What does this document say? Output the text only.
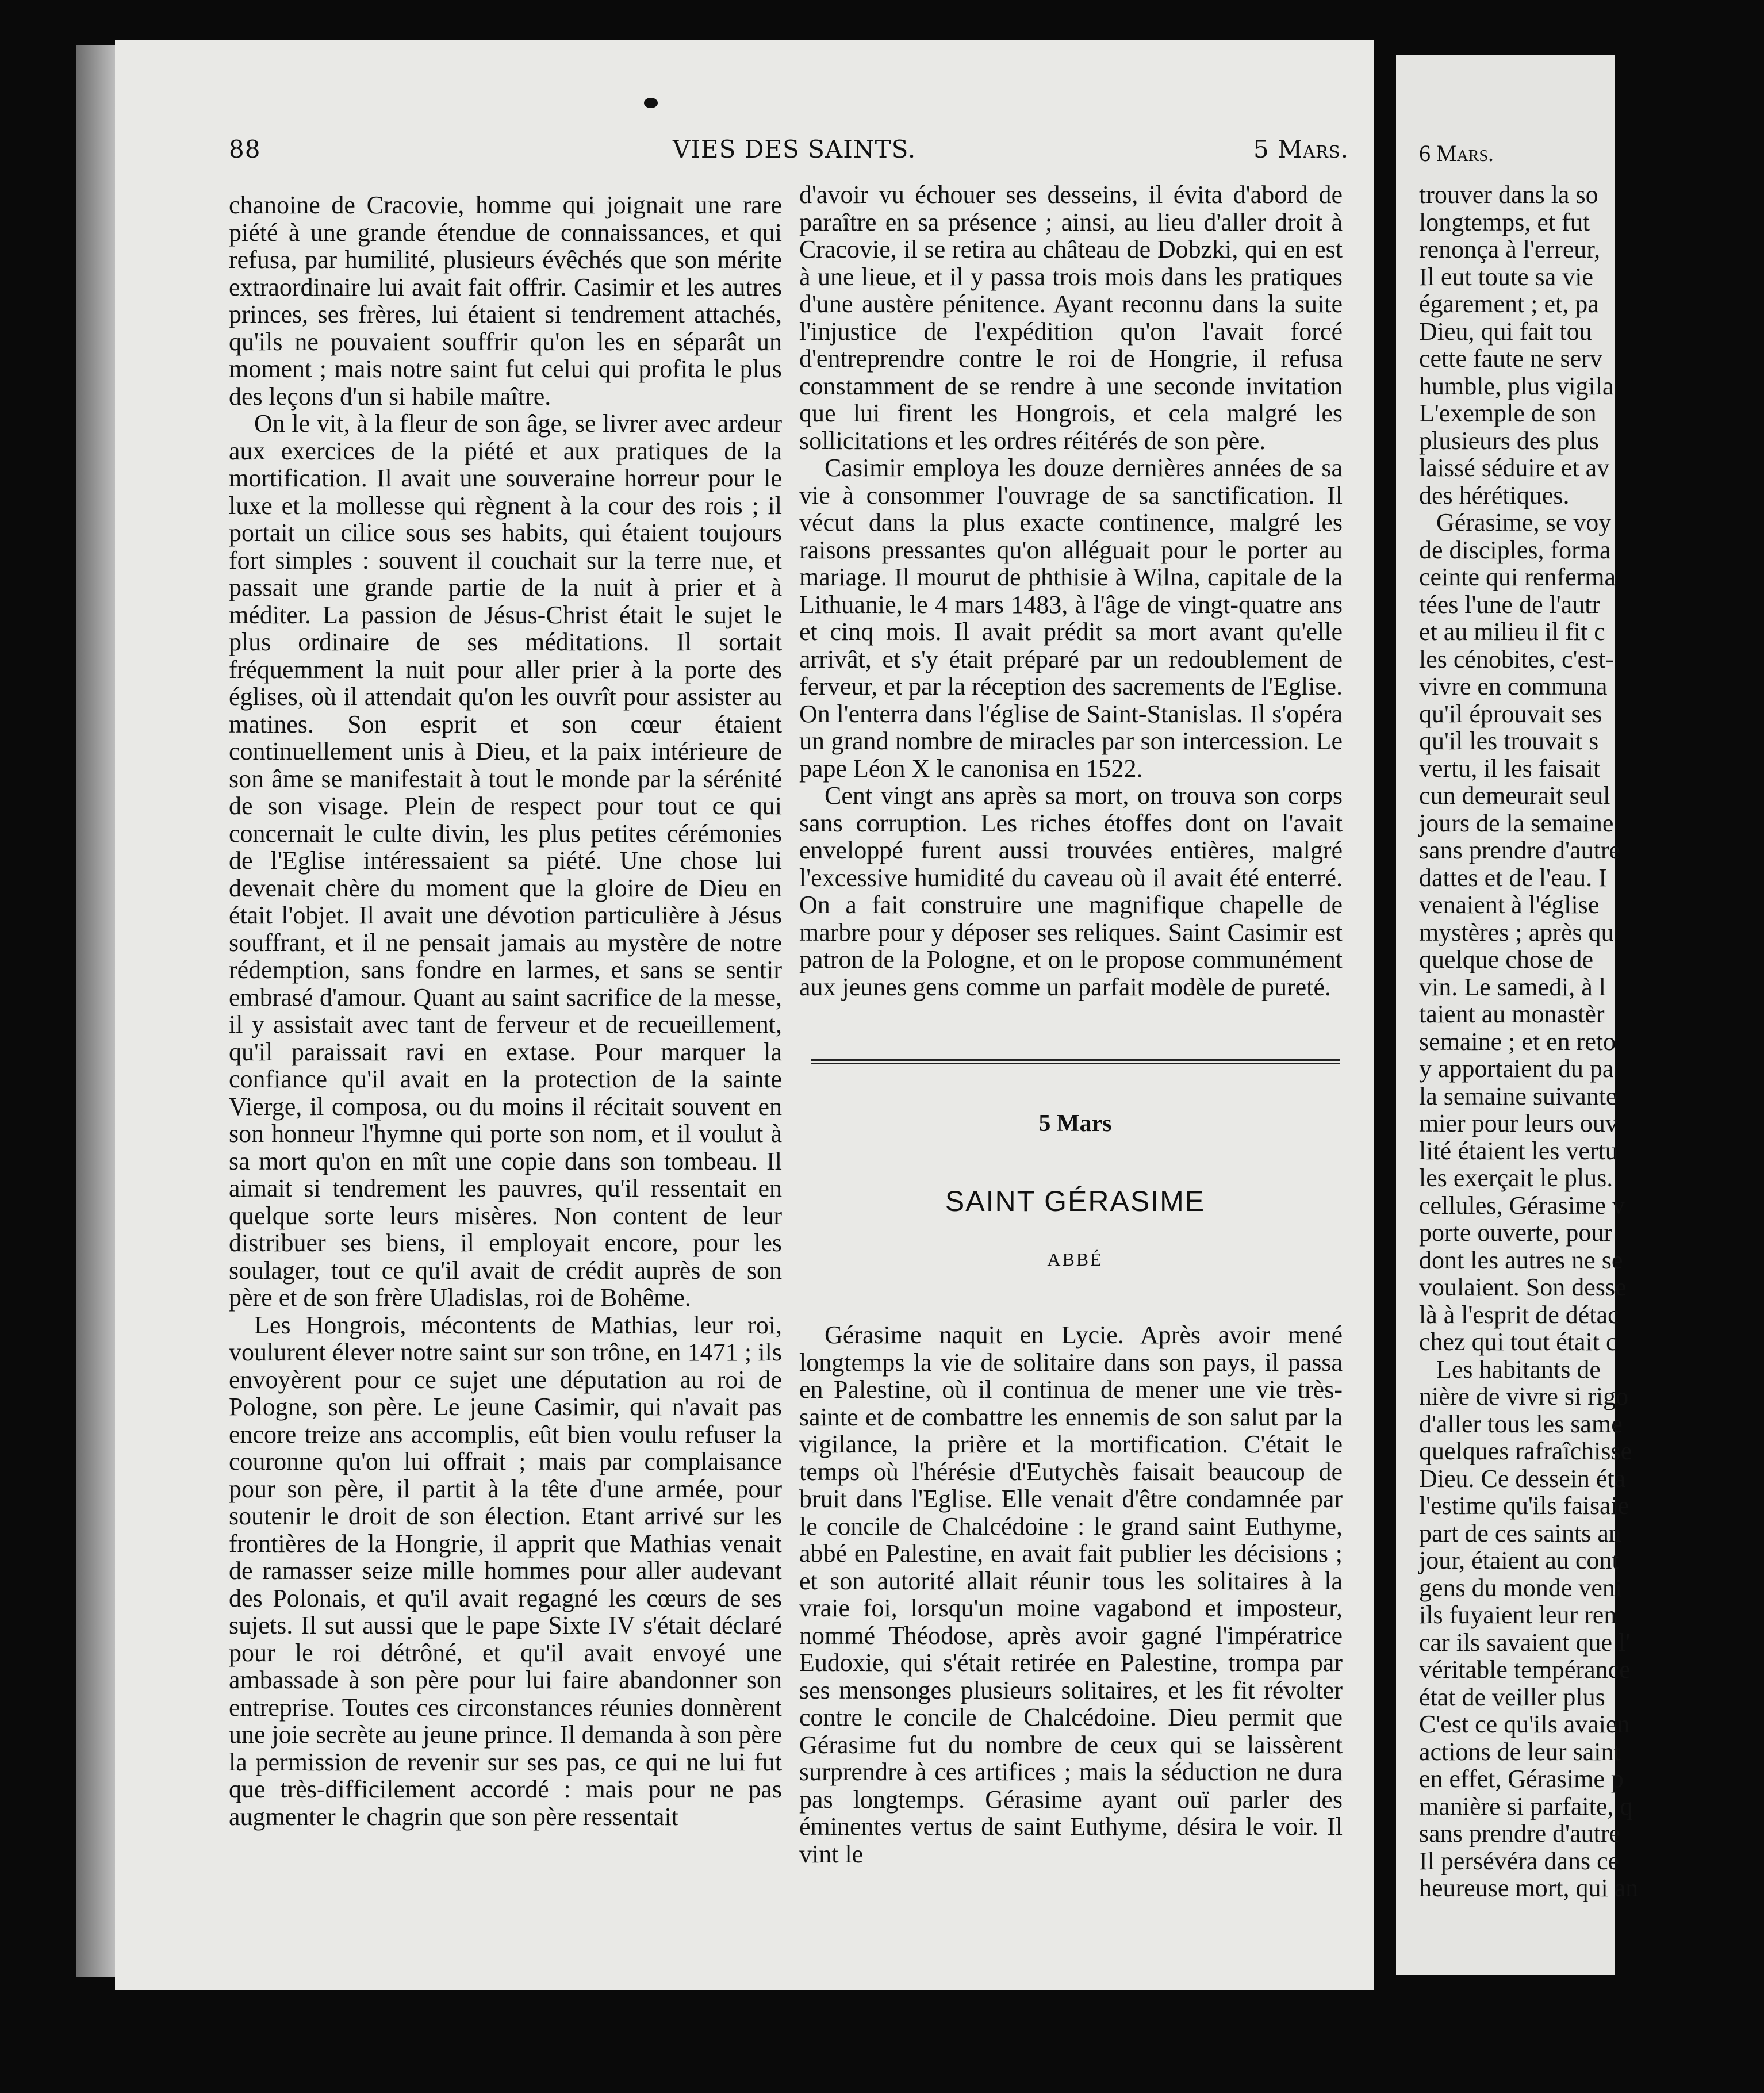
88	VIES DES SAINTS.	5 Mars.

chanoine de Cracovie, homme qui joignait une rare piété à une grande étendue de connaissances, et qui refusa, par humilité, plusieurs évêchés que son mérite extraordinaire lui avait fait offrir. Casimir et les autres princes, ses frères, lui étaient si tendrement attachés, qu'ils ne pouvaient souffrir qu'on les en séparât un moment ; mais notre saint fut celui qui profita le plus des leçons d'un si habile maître.

On le vit, à la fleur de son âge, se livrer avec ardeur aux exercices de la piété et aux pratiques de la mortification. Il avait une souveraine horreur pour le luxe et la mollesse qui règnent à la cour des rois ; il portait un cilice sous ses habits, qui étaient toujours fort simples : souvent il couchait sur la terre nue, et passait une grande partie de la nuit à prier et à méditer. La passion de Jésus-Christ était le sujet le plus ordinaire de ses méditations. Il sortait fréquemment la nuit pour aller prier à la porte des églises, où il attendait qu'on les ouvrît pour assister au matines. Son esprit et son cœur étaient continuellement unis à Dieu, et la paix intérieure de son âme se manifestait à tout le monde par la sérénité de son visage. Plein de respect pour tout ce qui concernait le culte divin, les plus petites cérémonies de l'Eglise intéressaient sa piété. Une chose lui devenait chère du moment que la gloire de Dieu en était l'objet. Il avait une dévotion particulière à Jésus souffrant, et il ne pensait jamais au mystère de notre rédemption, sans fondre en larmes, et sans se sentir embrasé d'amour. Quant au saint sacrifice de la messe, il y assistait avec tant de ferveur et de recueillement, qu'il paraissait ravi en extase. Pour marquer la confiance qu'il avait en la protection de la sainte Vierge, il composa, ou du moins il récitait souvent en son honneur l'hymne qui porte son nom, et il voulut à sa mort qu'on en mît une copie dans son tombeau. Il aimait si tendrement les pauvres, qu'il ressentait en quelque sorte leurs misères. Non content de leur distribuer ses biens, il employait encore, pour les soulager, tout ce qu'il avait de crédit auprès de son père et de son frère Uladislas, roi de Bohême.

Les Hongrois, mécontents de Mathias, leur roi, voulurent élever notre saint sur son trône, en 1471 ; ils envoyèrent pour ce sujet une députation au roi de Pologne, son père. Le jeune Casimir, qui n'avait pas encore treize ans accomplis, eût bien voulu refuser la couronne qu'on lui offrait ; mais par complaisance pour son père, il partit à la tête d'une armée, pour soutenir le droit de son élection. Etant arrivé sur les frontières de la Hongrie, il apprit que Mathias venait de ramasser seize mille hommes pour aller audevant des Polonais, et qu'il avait regagné les cœurs de ses sujets. Il sut aussi que le pape Sixte IV s'était déclaré pour le roi détrôné, et qu'il avait envoyé une ambassade à son père pour lui faire abandonner son entreprise. Toutes ces circonstances réunies donnèrent une joie secrète au jeune prince. Il demanda à son père la permission de revenir sur ses pas, ce qui ne lui fut que très-difficilement accordé : mais pour ne pas augmenter le chagrin que son père ressentait

d'avoir vu échouer ses desseins, il évita d'abord de paraître en sa présence ; ainsi, au lieu d'aller droit à Cracovie, il se retira au château de Dobzki, qui en est à une lieue, et il y passa trois mois dans les pratiques d'une austère pénitence. Ayant reconnu dans la suite l'injustice de l'expédition qu'on l'avait forcé d'entreprendre contre le roi de Hongrie, il refusa constamment de se rendre à une seconde invitation que lui firent les Hongrois, et cela malgré les sollicitations et les ordres réitérés de son père.

Casimir employa les douze dernières années de sa vie à consommer l'ouvrage de sa sanctification. Il vécut dans la plus exacte continence, malgré les raisons pressantes qu'on alléguait pour le porter au mariage. Il mourut de phthisie à Wilna, capitale de la Lithuanie, le 4 mars 1483, à l'âge de vingt-quatre ans et cinq mois. Il avait prédit sa mort avant qu'elle arrivât, et s'y était préparé par un redoublement de ferveur, et par la réception des sacrements de l'Eglise. On l'enterra dans l'église de Saint-Stanislas. Il s'opéra un grand nombre de miracles par son intercession. Le pape Léon X le canonisa en 1522.

Cent vingt ans après sa mort, on trouva son corps sans corruption. Les riches étoffes dont on l'avait enveloppé furent aussi trouvées entières, malgré l'excessive humidité du caveau où il avait été enterré. On a fait construire une magnifique chapelle de marbre pour y déposer ses reliques. Saint Casimir est patron de la Pologne, et on le propose communément aux jeunes gens comme un parfait modèle de pureté.

5 Mars
SAINT GÉRASIME
ABBÉ

Gérasime naquit en Lycie. Après avoir mené longtemps la vie de solitaire dans son pays, il passa en Palestine, où il continua de mener une vie très-sainte et de combattre les ennemis de son salut par la vigilance, la prière et la mortification. C'était le temps où l'hérésie d'Eutychès faisait beaucoup de bruit dans l'Eglise. Elle venait d'être condamnée par le concile de Chalcédoine : le grand saint Euthyme, abbé en Palestine, en avait fait publier les décisions ; et son autorité allait réunir tous les solitaires à la vraie foi, lorsqu'un moine vagabond et imposteur, nommé Théodose, après avoir gagné l'impératrice Eudoxie, qui s'était retirée en Palestine, trompa par ses mensonges plusieurs solitaires, et les fit révolter contre le concile de Chalcédoine. Dieu permit que Gérasime fut du nombre de ceux qui se laissèrent surprendre à ces artifices ; mais la séduction ne dura pas longtemps. Gérasime ayant ouï parler des éminentes vertus de saint Euthyme, désira le voir. Il vint le

6 Mars.
trouver dans la so
longtemps, et fut
renonça à l'erreur,
Il eut toute sa vie
égarement ; et, pa
Dieu, qui fait tou
cette faute ne serv
humble, plus vigila
L'exemple de son
plusieurs des plus
laissé séduire et av
des hérétiques.
Gérasime, se voy
de disciples, forma
ceinte qui renferma
tées l'une de l'autr
et au milieu il fit c
les cénobites, c'est-
vivre en communa
qu'il éprouvait ses
qu'il les trouvait s
vertu, il les faisait
cun demeurait seul
jours de la semaine
sans prendre d'autre
dattes et de l'eau. I
venaient à l'église
mystères ; après qu
quelque chose de
vin. Le samedi, à l
taient au monastèr
semaine ; et en reto
y apportaient du pa
la semaine suivante
mier pour leurs ouv
lité étaient les vertu
les exerçait le plus.
cellules, Gérasime v
porte ouverte, pour
dont les autres ne se
voulaient. Son desse
là à l'esprit de détac
chez qui tout était c
Les habitants de
nière de vivre si rigo
d'aller tous les same
quelques rafraîchisse
Dieu. Ce dessein éta
l'estime qu'ils faisaie
part de ces saints an
jour, étaient au cont
gens du monde veni
ils fuyaient leur ren
car ils savaient que l'
véritable tempérance
état de veiller plus
C'est ce qu'ils avaien
actions de leur saint
en effet, Gérasime p
manière si parfaite, q
sans prendre d'autre
Il persévéra dans ce
heureuse mort, qui an
